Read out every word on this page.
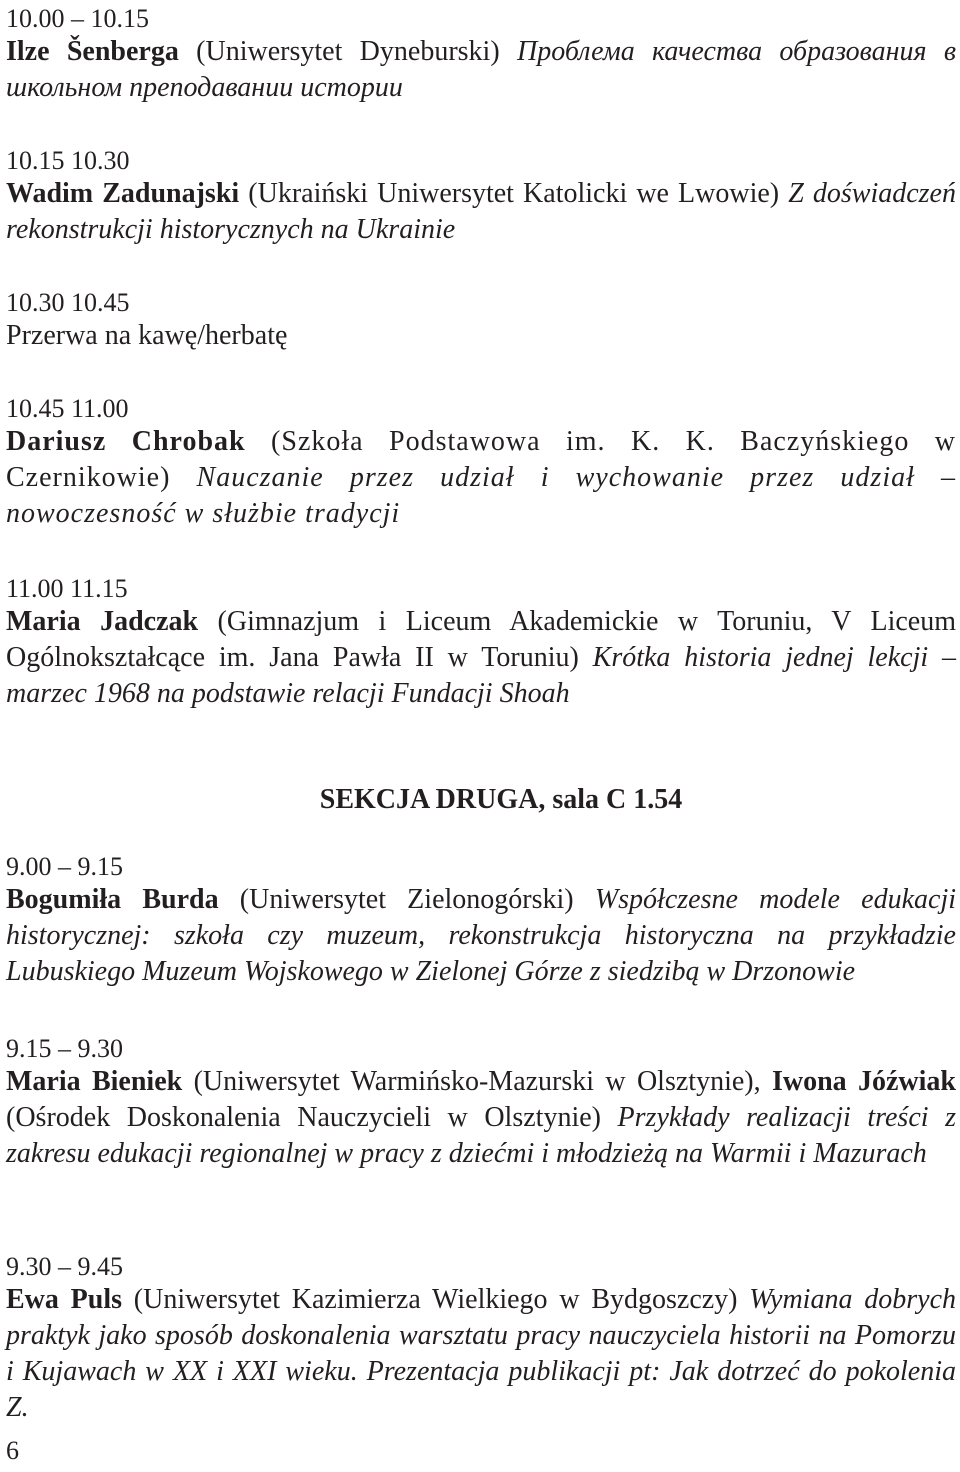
10.00 – 10.15
Ilze Šenberga (Uniwersytet Dyneburski) Проблема качества образования в школьном преподавании истории
10.15 10.30
Wadim Zadunajski (Ukraiński Uniwersytet Katolicki we Lwowie) Z doświadczeń rekonstrukcji historycznych na Ukrainie
10.30 10.45
Przerwa na kawę/herbatę
10.45 11.00
Dariusz Chrobak (Szkoła Podstawowa im. K. K. Baczyńskiego w Czernikowie) Nauczanie przez udział i wychowanie przez udział – nowoczesność w służbie tradycji
11.00 11.15
Maria Jadczak (Gimnazjum i Liceum Akademickie w Toruniu, V Liceum Ogólnokształcące im. Jana Pawła II w Toruniu) Krótka historia jednej lekcji – marzec 1968 na podstawie relacji Fundacji Shoah
SEKCJA DRUGA, sala C 1.54
9.00 – 9.15
Bogumiła Burda (Uniwersytet Zielonogórski) Współczesne modele edukacji historycznej: szkoła czy muzeum, rekonstrukcja historyczna na przykładzie Lubuskiego Muzeum Wojskowego w Zielonej Górze z siedzibą w Drzonowie
9.15 – 9.30
Maria Bieniek (Uniwersytet Warmińsko-Mazurski w Olsztynie), Iwona Jóźwiak (Ośrodek Doskonalenia Nauczycieli w Olsztynie) Przykłady realizacji treści z zakresu edukacji regionalnej w pracy z dziećmi i młodzieżą na Warmii i Mazurach
9.30 – 9.45
Ewa Puls (Uniwersytet Kazimierza Wielkiego w Bydgoszczy) Wymiana dobrych praktyk jako sposób doskonalenia warsztatu pracy nauczyciela historii na Pomorzu i Kujawach w XX i XXI wieku. Prezentacja publikacji pt: Jak dotrzeć do pokolenia Z.
6
